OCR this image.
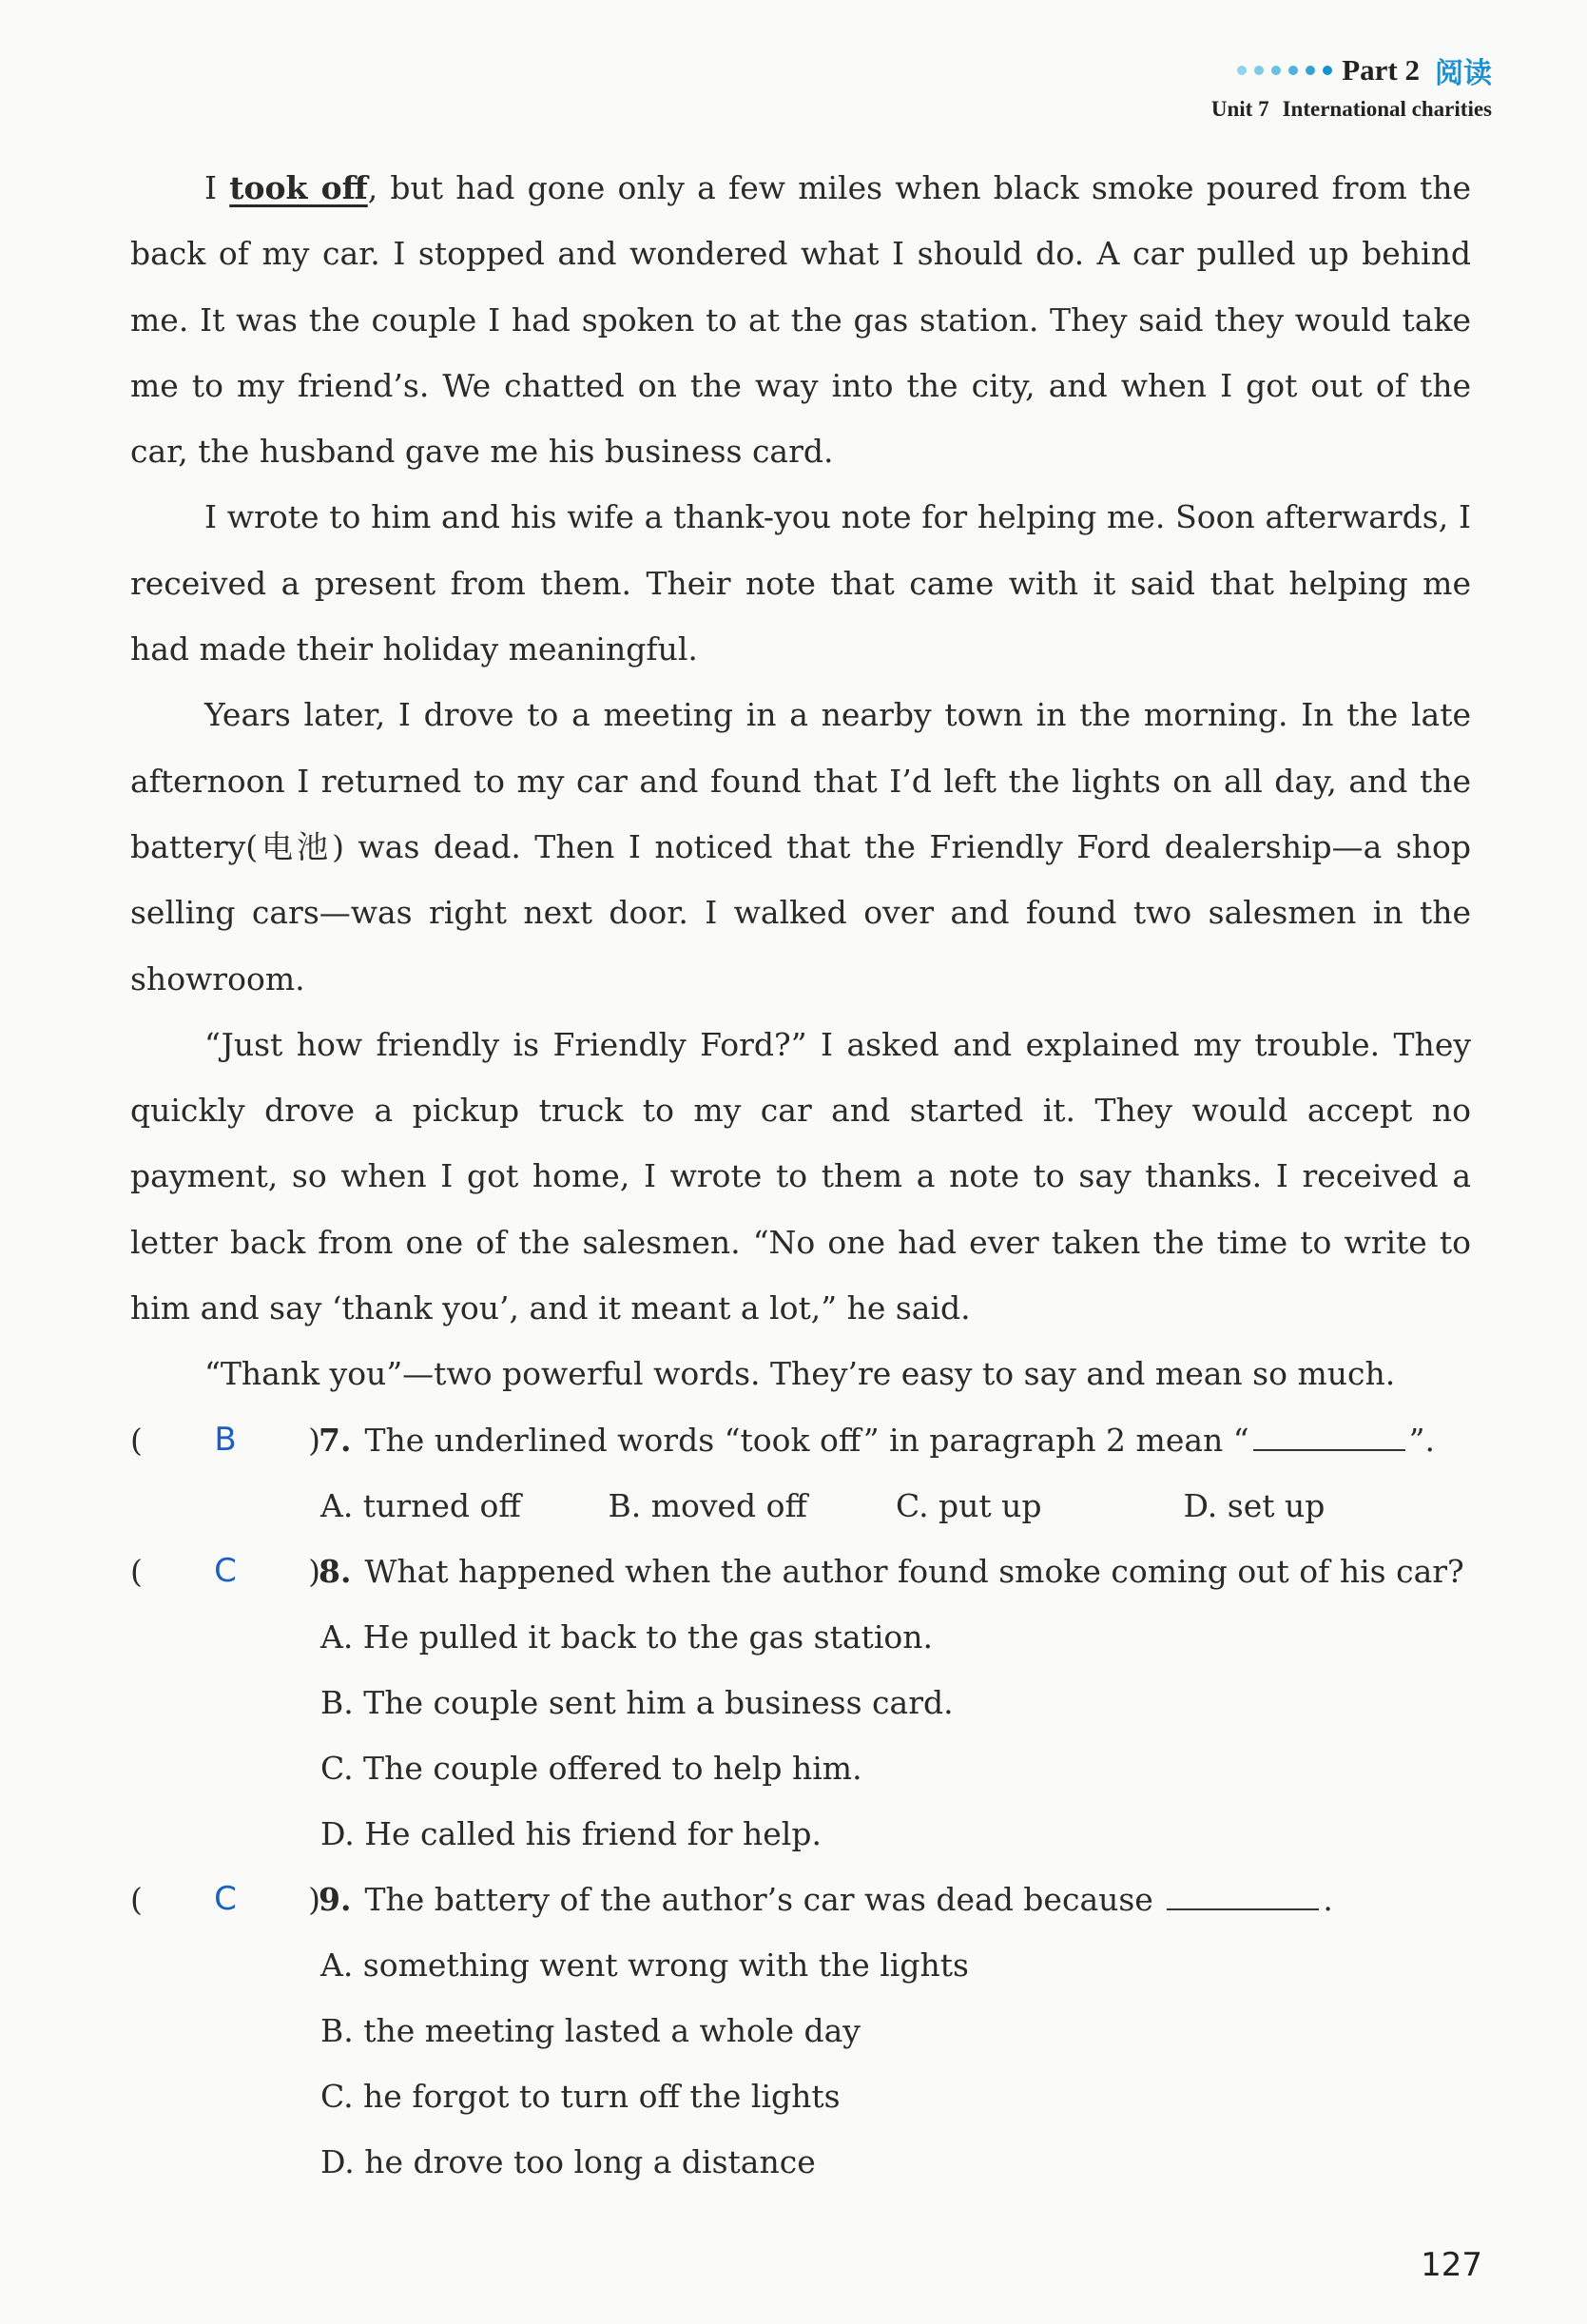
Part 2 阅读
Unit 7 International charities

I took off, but had gone only a few miles when black smoke poured from the back of my car. I stopped and wondered what I should do. A car pulled up behind me. It was the couple I had spoken to at the gas station. They said they would take me to my friend’s. We chatted on the way into the city, and when I got out of the car, the husband gave me his business card.

I wrote to him and his wife a thank-you note for helping me. Soon afterwards, I received a present from them. Their note that came with it said that helping me had made their holiday meaningful.

Years later, I drove to a meeting in a nearby town in the morning. In the late afternoon I returned to my car and found that I’d left the lights on all day, and the battery(电池) was dead. Then I noticed that the Friendly Ford dealership—a shop selling cars—was right next door. I walked over and found two salesmen in the showroom.

“Just how friendly is Friendly Ford?” I asked and explained my trouble. They quickly drove a pickup truck to my car and started it. They would accept no payment, so when I got home, I wrote to them a note to say thanks. I received a letter back from one of the salesmen. “No one had ever taken the time to write to him and say ‘thank you’, and it meant a lot,” he said.

“Thank you”—two powerful words. They’re easy to say and mean so much.

( B )
7. The underlined words “took off” in paragraph 2 mean “	”.
A. turned off	B. moved off	C. put up	D. set up
( C )
8. What happened when the author found smoke coming out of his car?
A. He pulled it back to the gas station.
B. The couple sent him a business card.
C. The couple offered to help him.
D. He called his friend for help.
( C )
9. The battery of the author’s car was dead because	.
A. something went wrong with the lights
B. the meeting lasted a whole day
C. he forgot to turn off the lights
D. he drove too long a distance
127
